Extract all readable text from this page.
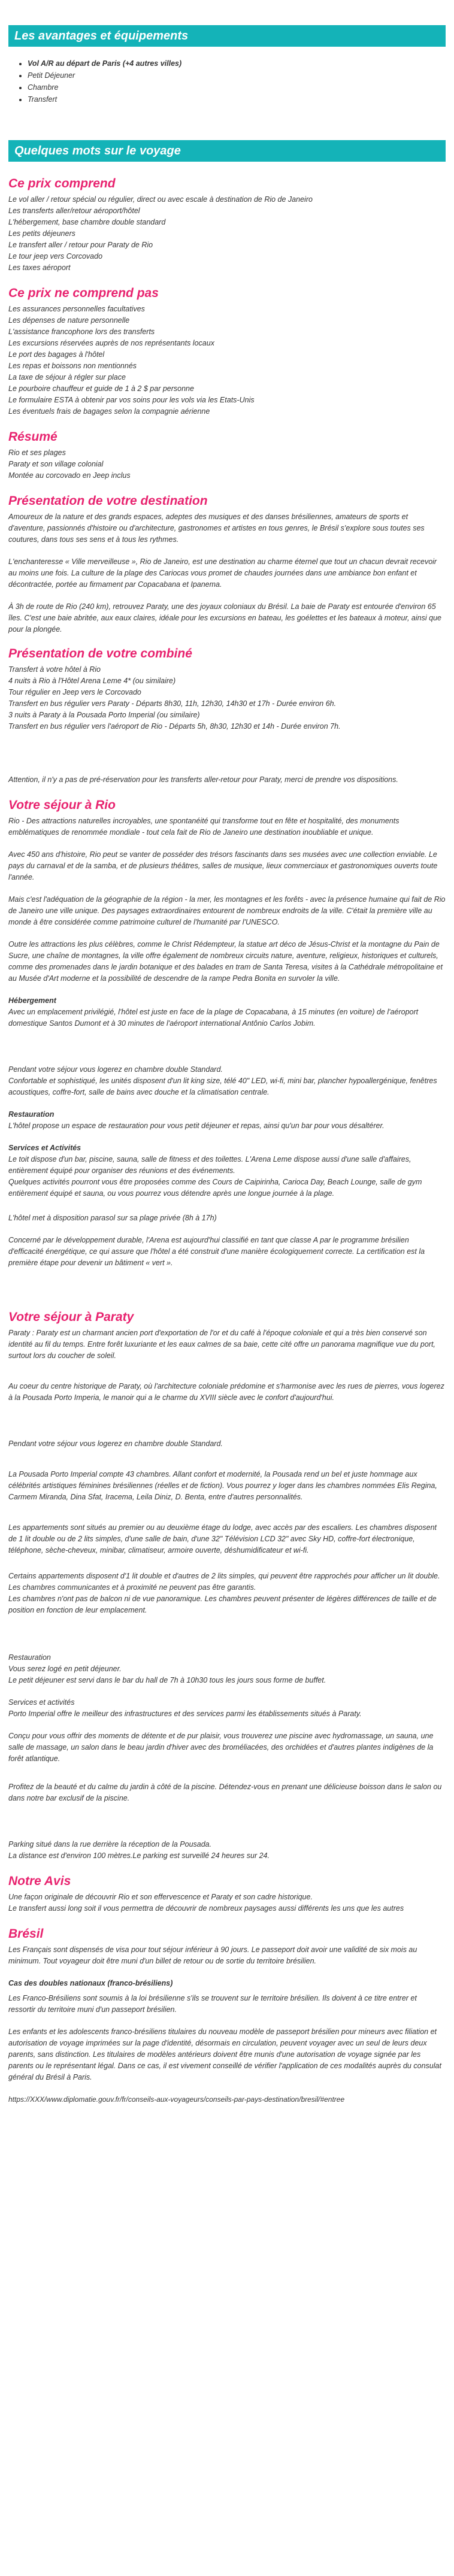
Les avantages et équipements
• Vol A/R au départ de Paris (+4 autres villes)
• Petit Déjeuner
• Chambre
• Transfert
Quelques mots sur le voyage
Ce prix comprend
Le vol aller / retour spécial ou régulier, direct ou avec escale à destination de Rio de Janeiro
Les transferts aller/retour aéroport/hôtel
L'hébergement, base chambre double standard
Les petits déjeuners
Le transfert aller / retour pour Paraty de Rio
Le tour jeep vers Corcovado
Les taxes aéroport
Ce prix ne comprend pas
Les assurances personnelles facultatives
Les dépenses de nature personnelle
L'assistance francophone lors des transferts
Les excursions réservées auprès de nos représentants locaux
Le port des bagages à l'hôtel
Les repas et boissons non mentionnés
La taxe de séjour à régler sur place
Le pourboire chauffeur et guide de 1 à 2 $ par personne
Le formulaire ESTA à obtenir par vos soins pour les vols via les Etats-Unis
Les éventuels frais de bagages selon la compagnie aérienne
Résumé
Rio et ses plages
Paraty et son village colonial
Montée au corcovado en Jeep inclus
Présentation de votre destination

Amoureux de la nature et des grands espaces, adeptes des musiques et des danses brésiliennes, amateurs de sports et d'aventure, passionnés d'histoire ou d'architecture, gastronomes et artistes en tous genres, le Brésil s'explore sous toutes ses coutures, dans tous ses sens et à tous les rythmes.

L'enchanteresse « Ville merveilleuse », Rio de Janeiro, est une destination au charme éternel que tout un chacun devrait recevoir au moins une fois. La culture de la plage des Cariocas vous promet de chaudes journées dans une ambiance bon enfant et décontractée, portée au firmament par Copacabana et Ipanema.

À 3h de route de Rio (240 km), retrouvez Paraty, une des joyaux coloniaux du Brésil. La baie de Paraty est entourée d'environ 65 îles. C'est une baie abritée, aux eaux claires, idéale pour les excursions en bateau, les goélettes et les bateaux à moteur, ainsi que pour la plongée.

Présentation de votre combiné
Transfert à votre hôtel à Rio
4 nuits à Rio à l'Hôtel Arena Leme 4* (ou similaire)
Tour régulier en Jeep vers le Corcovado
Transfert en bus régulier vers Paraty - Départs 8h30, 11h, 12h30, 14h30 et 17h - Durée environ 6h.
3 nuits à Paraty à la Pousada Porto Imperial (ou similaire)
Transfert en bus régulier vers l'aéroport de Rio - Départs 5h, 8h30, 12h30 et 14h - Durée environ 7h.

Attention, il n'y a pas de pré-réservation pour les transferts aller-retour pour Paraty, merci de prendre vos dispositions.

Votre séjour à Rio

Rio - Des attractions naturelles incroyables, une spontanéité qui transforme tout en fête et hospitalité, des monuments emblématiques de renommée mondiale - tout cela fait de Rio de Janeiro une destination inoubliable et unique.

Avec 450 ans d'histoire, Rio peut se vanter de posséder des trésors fascinants dans ses musées avec une collection enviable. Le pays du carnaval et de la samba, et de plusieurs théâtres, salles de musique, lieux commerciaux et gastronomiques ouverts toute l'année.

Mais c'est l'adéquation de la géographie de la région - la mer, les montagnes et les forêts - avec la présence humaine qui fait de Rio de Janeiro une ville unique. Des paysages extraordinaires entourent de nombreux endroits de la ville. C'était la première ville au monde à être considérée comme patrimoine culturel de l'humanité par l'UNESCO.

Outre les attractions les plus célèbres, comme le Christ Rédempteur, la statue art déco de Jésus-Christ et la montagne du Pain de Sucre, une chaîne de montagnes, la ville offre également de nombreux circuits nature, aventure, religieux, historiques et culturels, comme des promenades dans le jardin botanique et des balades en tram de Santa Teresa, visites à la Cathédrale métropolitaine et au Musée d'Art moderne et la possibilité de descendre de la rampe Pedra Bonita en survoler la ville.

Hébergement

Avec un emplacement privilégié, l'hôtel est juste en face de la plage de Copacabana, à 15 minutes (en voiture) de l'aéroport domestique Santos Dumont et à 30 minutes de l'aéroport international Antônio Carlos Jobim.

Pendant votre séjour vous logerez en chambre double Standard.

Confortable et sophistiqué, les unités disposent d'un lit king size, télé 40" LED, wi-fi, mini bar, plancher hypoallergénique, fenêtres acoustiques, coffre-fort, salle de bains avec douche et la climatisation centrale.

Restauration

L'hôtel propose un espace de restauration pour vous petit déjeuner et repas, ainsi qu'un bar pour vous désaltérer.

Services et Activités
Le toit dispose d'un bar, piscine, sauna, salle de fitness et des toilettes. L'Arena Leme dispose aussi d'une salle d'affaires, entièrement équipé pour organiser des réunions et des événements.
Quelques activités pourront vous être proposées comme des Cours de Caipirinha, Carioca Day, Beach Lounge, salle de gym entièrement équipé et sauna, ou vous pourrez vous détendre après une longue journée à la plage.

L'hôtel met à disposition parasol sur sa plage privée (8h à 17h)

Concerné par le développement durable, l'Arena est aujourd'hui classifié en tant que classe A par le programme brésilien d'efficacité énergétique, ce qui assure que l'hôtel a été construit d'une manière écologiquement correcte. La certification est la première étape pour devenir un bâtiment « vert ».

Votre séjour à Paraty

Paraty : Paraty est un charmant ancien port d'exportation de l'or et du café à l'époque coloniale et qui a très bien conservé son identité au fil du temps. Entre forêt luxuriante et les eaux calmes de sa baie, cette cité offre un panorama magnifique vue du port, surtout lors du coucher de soleil.

Au coeur du centre historique de Paraty, où l'architecture coloniale prédomine et s'harmonise avec les rues de pierres, vous logerez à la Pousada Porto Imperia, le manoir qui a le charme du XVIII siècle avec le confort d'aujourd'hui.

Pendant votre séjour vous logerez en chambre double Standard.

La Pousada Porto Imperial compte 43 chambres. Allant confort et modernité, la Pousada rend un bel et juste hommage aux célébrités artistiques féminines brésiliennes (réelles et de fiction). Vous pourrez y loger dans les chambres nommées Elis Regina, Carmem Miranda, Dina Sfat, Iracema, Leila Diniz, D. Benta, entre d'autres personnalités.

Les appartements sont situés au premier ou au deuxième étage du lodge, avec accès par des escaliers. Les chambres disposent de 1 lit double ou de 2 lits simples, d'une salle de bain, d'une 32" Télévision LCD 32" avec Sky HD, coffre-fort électronique, téléphone, sèche-cheveux, minibar, climatiseur, armoire ouverte, déshumidificateur et wi-fi.

Certains appartements disposent d'1 lit double et d'autres de 2 lits simples, qui peuvent être rapprochés pour afficher un lit double.
Les chambres communicantes et à proximité ne peuvent pas être garantis.
Les chambres n'ont pas de balcon ni de vue panoramique. Les chambres peuvent présenter de légères différences de taille et de position en fonction de leur emplacement.
Restauration
Vous serez logé en petit déjeuner.
Le petit déjeuner est servi dans le bar du hall de 7h à 10h30 tous les jours sous forme de buffet.
Services et activités
Porto Imperial offre le meilleur des infrastructures et des services parmi les établissements situés à Paraty.

Conçu pour vous offrir des moments de détente et de pur plaisir, vous trouverez une piscine avec hydromassage, un sauna, une salle de massage, un salon dans le beau jardin d'hiver avec des broméliacées, des orchidées et d'autres plantes indigènes de la forêt atlantique.

Profitez de la beauté et du calme du jardin à côté de la piscine. Détendez-vous en prenant une délicieuse boisson dans le salon ou dans notre bar exclusif de la piscine.

Parking situé dans la rue derrière la réception de la Pousada.
La distance est d'environ 100 mètres.Le parking est surveillé 24 heures sur 24.
Notre Avis
Une façon originale de découvrir Rio et son effervescence et Paraty et son cadre historique.
Le transfert aussi long soit il vous permettra de découvrir de nombreux paysages aussi différents les uns que les autres
Brésil

Les Français sont dispensés de visa pour tout séjour inférieur à 90 jours. Le passeport doit avoir une validité de six mois au minimum. Tout voyageur doit être muni d'un billet de retour ou de sortie du territoire brésilien.

Cas des doubles nationaux (franco-brésiliens)

Les Franco-Brésiliens sont soumis à la loi brésilienne s'ils se trouvent sur le territoire brésilien. Ils doivent à ce titre entrer et ressortir du territoire muni d'un passeport brésilien.

Les enfants et les adolescents franco-brésiliens titulaires du nouveau modèle de passeport brésilien pour mineurs avec filiation et autorisation de voyage imprimées sur la page d'identité, désormais en circulation, peuvent voyager avec un seul de leurs deux parents, sans distinction. Les titulaires de modèles antérieurs doivent être munis d'une autorisation de voyage signée par les parents ou le représentant légal. Dans ce cas, il est vivement conseillé de vérifier l'application de ces modalités auprès du consulat général du Brésil à Paris.

https://XXX/www.diplomatie.gouv.fr/fr/conseils-aux-voyageurs/conseils-par-pays-destination/bresil/#entree
